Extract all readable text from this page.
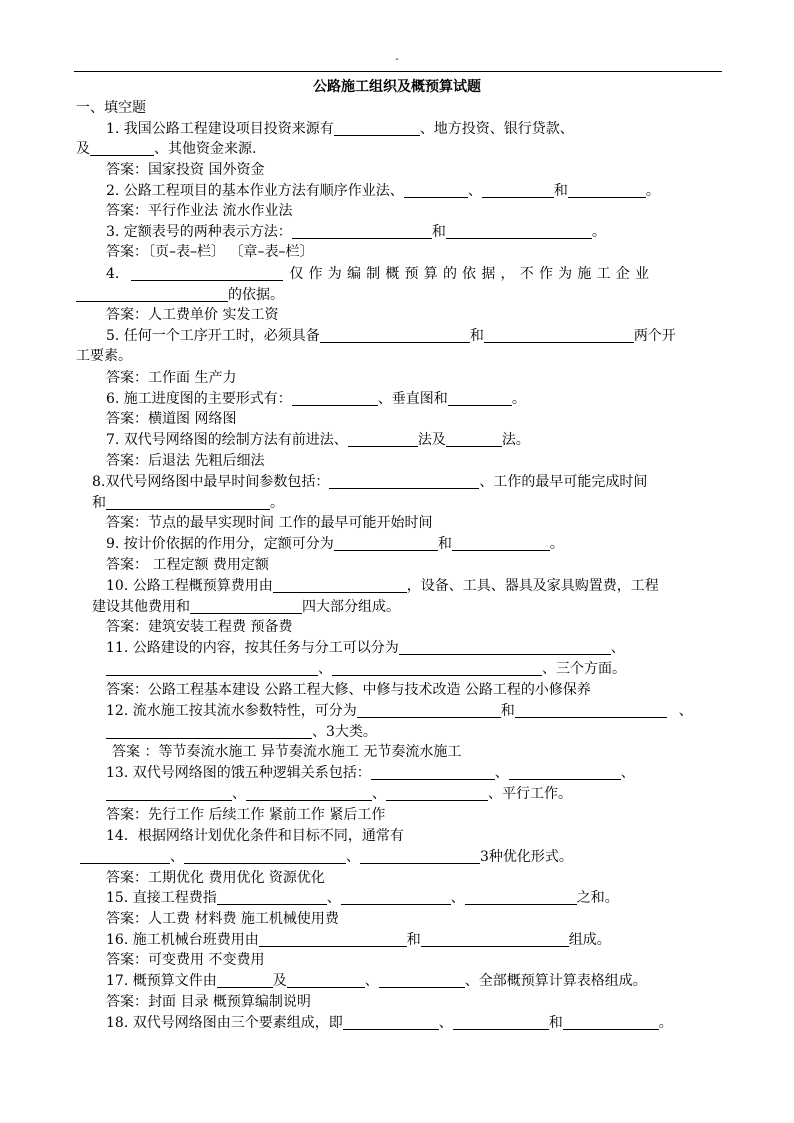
-
公路施工组织及概预算试题
一、填空题
1. 我国公路工程建设项目投资来源有	、地方投资、银行贷款、
及	、其他资金来源.
答案：国家投资 国外资金
2. 公路工程项目的基本作业方法有顺序作业法、	、	和	。
答案：平行作业法 流水作业法
3. 定额表号的两种表示方法：	和	。
答案：〔页–表–栏〕 〔章–表–栏〕
4.	仅作为编制概预算的依据，不作为施工企业
的依据。
答案：人工费单价 实发工资
5. 任何一个工序开工时，必须具备	和	两个开
工要素。
答案：工作面 生产力
6. 施工进度图的主要形式有：	、垂直图和	。
答案：横道图 网络图
7. 双代号网络图的绘制方法有前进法、	法及	法。
答案：后退法 先粗后细法
8.双代号网络图中最早时间参数包括：	、工作的最早可能完成时间
和	。
答案：节点的最早实现时间 工作的最早可能开始时间
9. 按计价依据的作用分，定额可分为	和	。
答案： 工程定额 费用定额
10. 公路工程概预算费用由	，设备、工具、器具及家具购置费，工程
建设其他费用和	四大部分组成。
答案：建筑安装工程费 预备费
11. 公路建设的内容，按其任务与分工可以分为	、
、	、三个方面。
答案：公路工程基本建设 公路工程大修、中修与技术改造 公路工程的小修保养
12. 流水施工按其流水参数特性，可分为	和	、
、3大类。
答案 ：等节奏流水施工 异节奏流水施工 无节奏流水施工
13. 双代号网络图的饿五种逻辑关系包括：	、	、
、	、	、平行工作。
答案：先行工作 后续工作 紧前工作 紧后工作
14．根据网络计划优化条件和目标不同，通常有
、	、	3种优化形式。
答案：工期优化 费用优化 资源优化
15. 直接工程费指	、	、	之和。
答案：人工费 材料费 施工机械使用费
16. 施工机械台班费用由	和	组成。
答案：可变费用 不变费用
17. 概预算文件由	及	、	、全部概预算计算表格组成。
答案：封面 目录 概预算编制说明
18. 双代号网络图由三个要素组成，即	、	和	。
